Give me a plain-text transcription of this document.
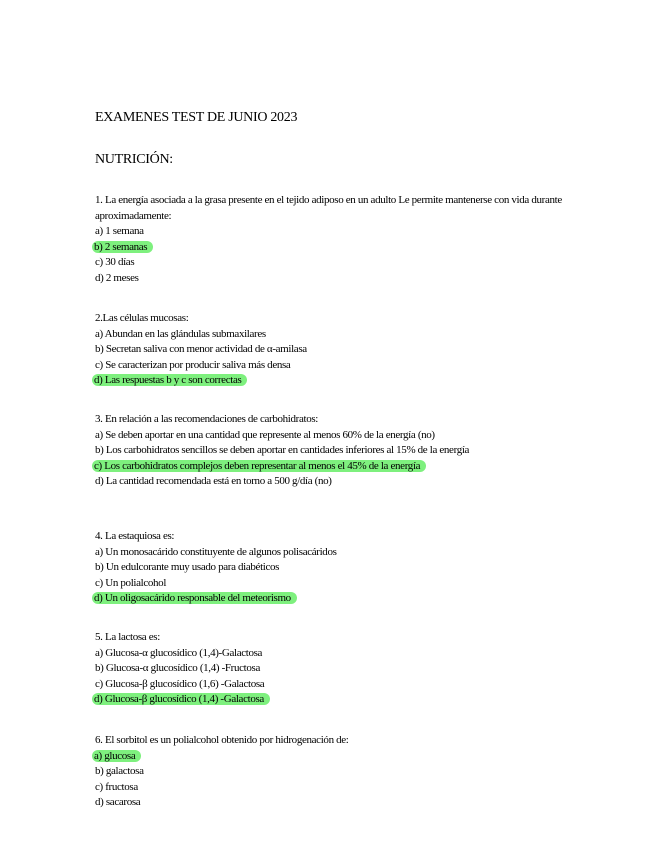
EXAMENES TEST DE JUNIO 2023
NUTRICIÓN:
1. La energía asociada a la grasa presente en el tejido adiposo en un adulto Le permite mantenerse con vida durante aproximadamente:
a) 1 semana
b) 2 semanas
c) 30 días
d) 2 meses
2.Las células mucosas:
a) Abundan en las glándulas submaxilares
b) Secretan saliva con menor actividad de α-amilasa
c) Se caracterizan por producir saliva más densa
d) Las respuestas b y c son correctas
3. En relación a las recomendaciones de carbohidratos:
a) Se deben aportar en una cantidad que represente al menos 60% de la energía (no)
b) Los carbohidratos sencillos se deben aportar en cantidades inferiores al 15% de la energía
c) Los carbohidratos complejos deben representar al menos el 45% de la energía
d) La cantidad recomendada está en torno a 500 g/día (no)
4. La estaquiosa es:
a) Un monosacárido constituyente de algunos polisacáridos
b) Un edulcorante muy usado para diabéticos
c) Un polialcohol
d) Un oligosacárido responsable del meteorismo
5. La lactosa es:
a) Glucosa-α glucosídico (1,4)-Galactosa
b) Glucosa-α glucosídico (1,4) -Fructosa
c) Glucosa-β glucosídico (1,6) -Galactosa
d) Glucosa-β glucosídico (1,4) -Galactosa
6. El sorbitol es un polialcohol obtenido por hidrogenación de:
a) glucosa
b) galactosa
c) fructosa
d) sacarosa
